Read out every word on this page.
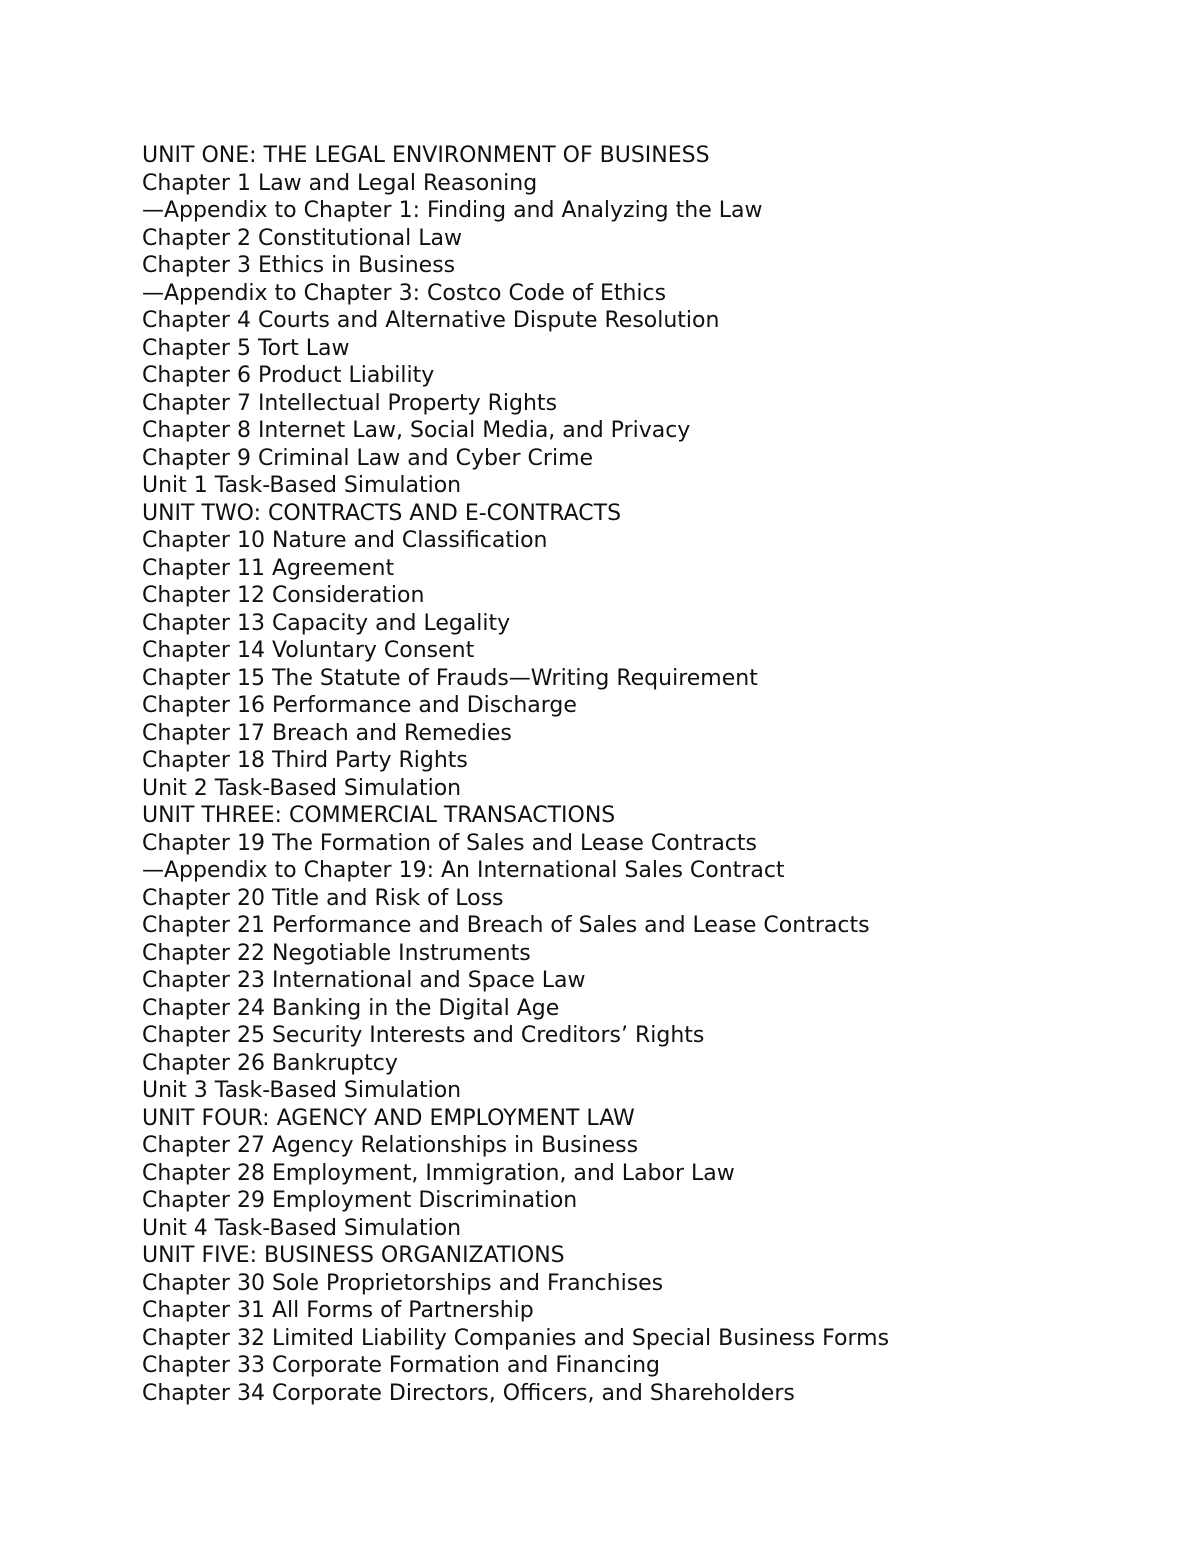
UNIT ONE: THE LEGAL ENVIRONMENT OF BUSINESS
Chapter 1 Law and Legal Reasoning
—Appendix to Chapter 1: Finding and Analyzing the Law
Chapter 2 Constitutional Law
Chapter 3 Ethics in Business
—Appendix to Chapter 3: Costco Code of Ethics
Chapter 4 Courts and Alternative Dispute Resolution
Chapter 5 Tort Law
Chapter 6 Product Liability
Chapter 7 Intellectual Property Rights
Chapter 8 Internet Law, Social Media, and Privacy
Chapter 9 Criminal Law and Cyber Crime
Unit 1 Task-Based Simulation
UNIT TWO: CONTRACTS AND E-CONTRACTS
Chapter 10 Nature and Classification
Chapter 11 Agreement
Chapter 12 Consideration
Chapter 13 Capacity and Legality
Chapter 14 Voluntary Consent
Chapter 15 The Statute of Frauds—Writing Requirement
Chapter 16 Performance and Discharge
Chapter 17 Breach and Remedies
Chapter 18 Third Party Rights
Unit 2 Task-Based Simulation
UNIT THREE: COMMERCIAL TRANSACTIONS
Chapter 19 The Formation of Sales and Lease Contracts
—Appendix to Chapter 19: An International Sales Contract
Chapter 20 Title and Risk of Loss
Chapter 21 Performance and Breach of Sales and Lease Contracts
Chapter 22 Negotiable Instruments
Chapter 23 International and Space Law
Chapter 24 Banking in the Digital Age
Chapter 25 Security Interests and Creditors’ Rights
Chapter 26 Bankruptcy
Unit 3 Task-Based Simulation
UNIT FOUR: AGENCY AND EMPLOYMENT LAW
Chapter 27 Agency Relationships in Business
Chapter 28 Employment, Immigration, and Labor Law
Chapter 29 Employment Discrimination
Unit 4 Task-Based Simulation
UNIT FIVE: BUSINESS ORGANIZATIONS
Chapter 30 Sole Proprietorships and Franchises
Chapter 31 All Forms of Partnership
Chapter 32 Limited Liability Companies and Special Business Forms
Chapter 33 Corporate Formation and Financing
Chapter 34 Corporate Directors, Officers, and Shareholders
